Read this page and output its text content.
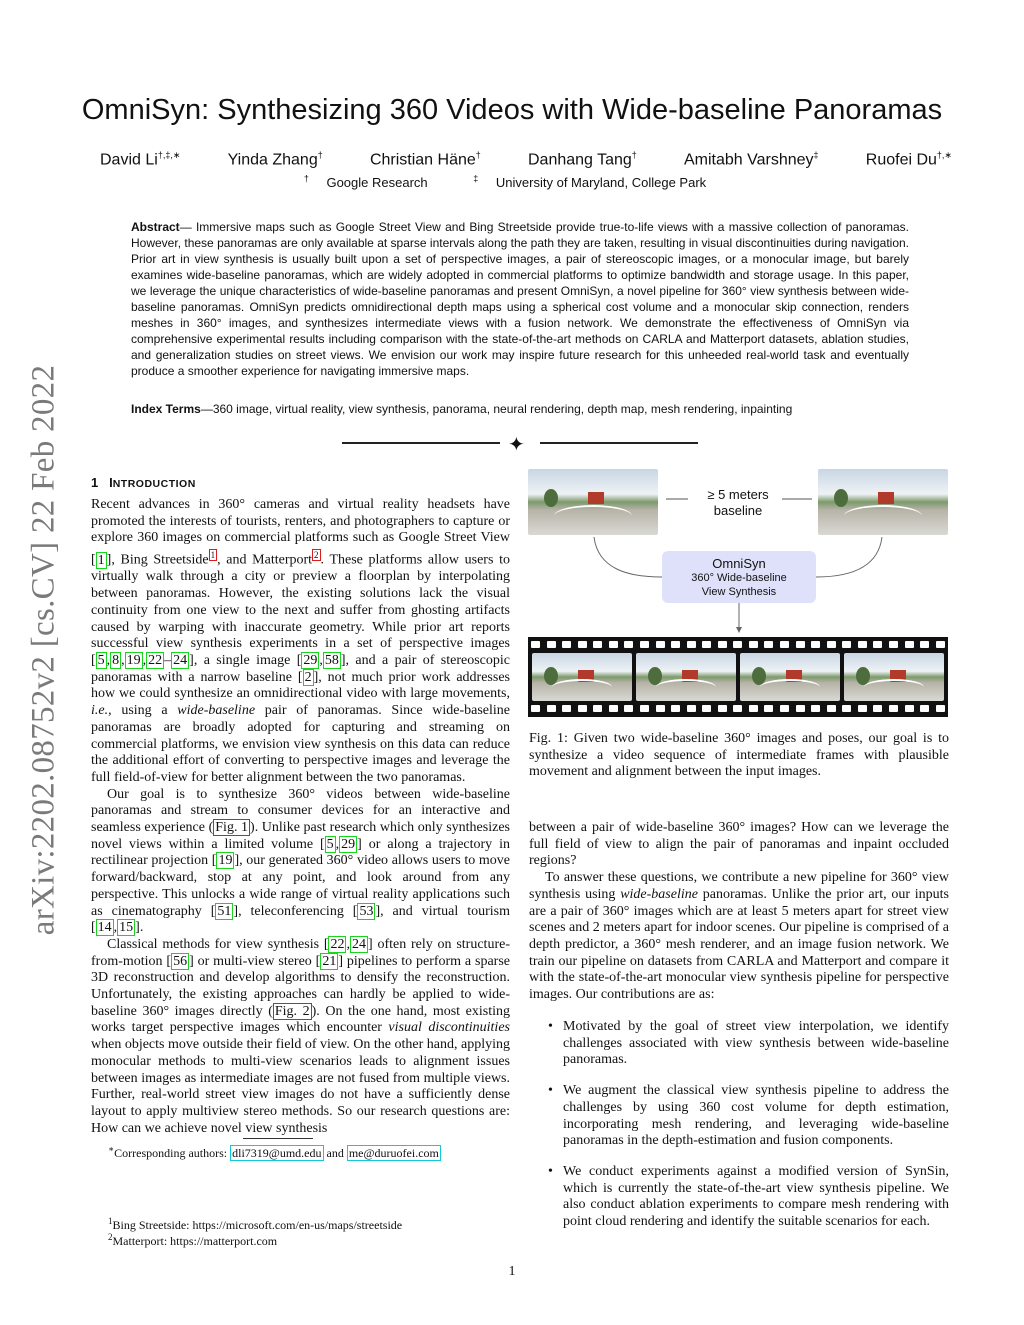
arXiv:2202.08752v2 [cs.CV] 22 Feb 2022
OmniSyn: Synthesizing 360 Videos with Wide-baseline Panoramas
David Li†,‡,∗	Yinda Zhang†	Christian Häne†	Danhang Tang†	Amitabh Varshney‡	Ruofei Du†,∗
† Google Research	‡ University of Maryland, College Park
Abstract— Immersive maps such as Google Street View and Bing Streetside provide true-to-life views with a massive collection of panoramas. However, these panoramas are only available at sparse intervals along the path they are taken, resulting in visual discontinuities during navigation. Prior art in view synthesis is usually built upon a set of perspective images, a pair of stereoscopic images, or a monocular image, but barely examines wide-baseline panoramas, which are widely adopted in commercial platforms to optimize bandwidth and storage usage. In this paper, we leverage the unique characteristics of wide-baseline panoramas and present OmniSyn, a novel pipeline for 360° view synthesis between wide-baseline panoramas. OmniSyn predicts omnidirectional depth maps using a spherical cost volume and a monocular skip connection, renders meshes in 360° images, and synthesizes intermediate views with a fusion network. We demonstrate the effectiveness of OmniSyn via comprehensive experimental results including comparison with the state-of-the-art methods on CARLA and Matterport datasets, ablation studies, and generalization studies on street views. We envision our work may inspire future research for this unheeded real-world task and eventually produce a smoother experience for navigating immersive maps.
Index Terms—360 image, virtual reality, view synthesis, panorama, neural rendering, depth map, mesh rendering, inpainting
✦
1 INTRODUCTION

Recent advances in 360° cameras and virtual reality headsets have promoted the interests of tourists, renters, and photographers to capture or explore 360 images on commercial platforms such as Google Street View [ 1 ], Bing Streetside $^1$ , and Matterport $^2$ . These platforms allow users to virtually walk through a city or preview a floorplan by interpolating between panoramas. However, the existing solutions lack the visual continuity from one view to the next and suffer from ghosting artifacts caused by warping with inaccurate geometry. While prior art reports successful view synthesis experiments in a set of perspective images [ 5 , 8 , 19 , 22 – 24 ], a single image [ 29 , 58 ], and a pair of stereoscopic panoramas with a narrow baseline [ 2 ], not much prior work addresses how we could synthesize an omnidirectional video with large movements, i.e., using a wide-baseline pair of panoramas. Since wide-baseline panoramas are broadly adopted for capturing and streaming on commercial platforms, we envision view synthesis on this data can reduce the additional effort of converting to perspective images and leverage the full field-of-view for better alignment between the two panoramas.

Our goal is to synthesize 360° videos between wide-baseline panoramas and stream to consumer devices for an interactive and seamless experience ( Fig. 1 ). Unlike past research which only synthesizes novel views within a limited volume [ 5 , 29 ] or along a trajectory in rectilinear projection [ 19 ], our generated 360° video allows users to move forward/backward, stop at any point, and look around from any perspective. This unlocks a wide range of virtual reality applications such as cinematography [ 51 ], teleconferencing [ 53 ], and virtual tourism [ 14 , 15 ].

Classical methods for view synthesis [ 22 , 24 ] often rely on structure-from-motion [ 56 ] or multi-view stereo [ 21 ] pipelines to perform a sparse 3D reconstruction and develop algorithms to densify the reconstruction. Unfortunately, the existing approaches can hardly be applied to wide-baseline 360° images directly ( Fig. 2 ). On the one hand, most existing works target perspective images which encounter visual discontinuities when objects move outside their field of view. On the other hand, applying monocular methods to multi-view scenarios leads to alignment issues between images as intermediate images are not fused from multiple views. Further, real-world street view images do not have a sufficiently dense layout to apply multiview stereo methods. So our research questions are: How can we achieve novel view synthesis

∗Corresponding authors: dli7319@umd.edu and me@duruofei.com
$^1$Bing Streetside: https://microsoft.com/en-us/maps/streetside
$^2$Matterport: https://matterport.com
≥ 5 meters
baseline
OmniSyn
360° Wide-baseline
View Synthesis
Fig. 1: Given two wide-baseline 360° images and poses, our goal is to synthesize a video sequence of intermediate frames with plausible movement and alignment between the input images.

between a pair of wide-baseline 360° images? How can we leverage the full field of view to align the pair of panoramas and inpaint occluded regions?

To answer these questions, we contribute a new pipeline for 360° view synthesis using wide-baseline panoramas. Unlike the prior art, our inputs are a pair of 360° images which are at least 5 meters apart for street view scenes and 2 meters apart for indoor scenes. Our pipeline is comprised of a depth predictor, a 360° mesh renderer, and an image fusion network. We train our pipeline on datasets from CARLA and Matterport and compare it with the state-of-the-art monocular view synthesis pipeline for perspective images. Our contributions are as:

• Motivated by the goal of street view interpolation, we identify challenges associated with view synthesis between wide-baseline panoramas.
• We augment the classical view synthesis pipeline to address the challenges by using 360 cost volume for depth estimation, incorporating mesh rendering, and leveraging wide-baseline panoramas in the depth-estimation and fusion components.
• We conduct experiments against a modified version of SynSin, which is currently the state-of-the-art view synthesis pipeline. We also conduct ablation experiments to compare mesh rendering with point cloud rendering and identify the suitable scenarios for each.
1
